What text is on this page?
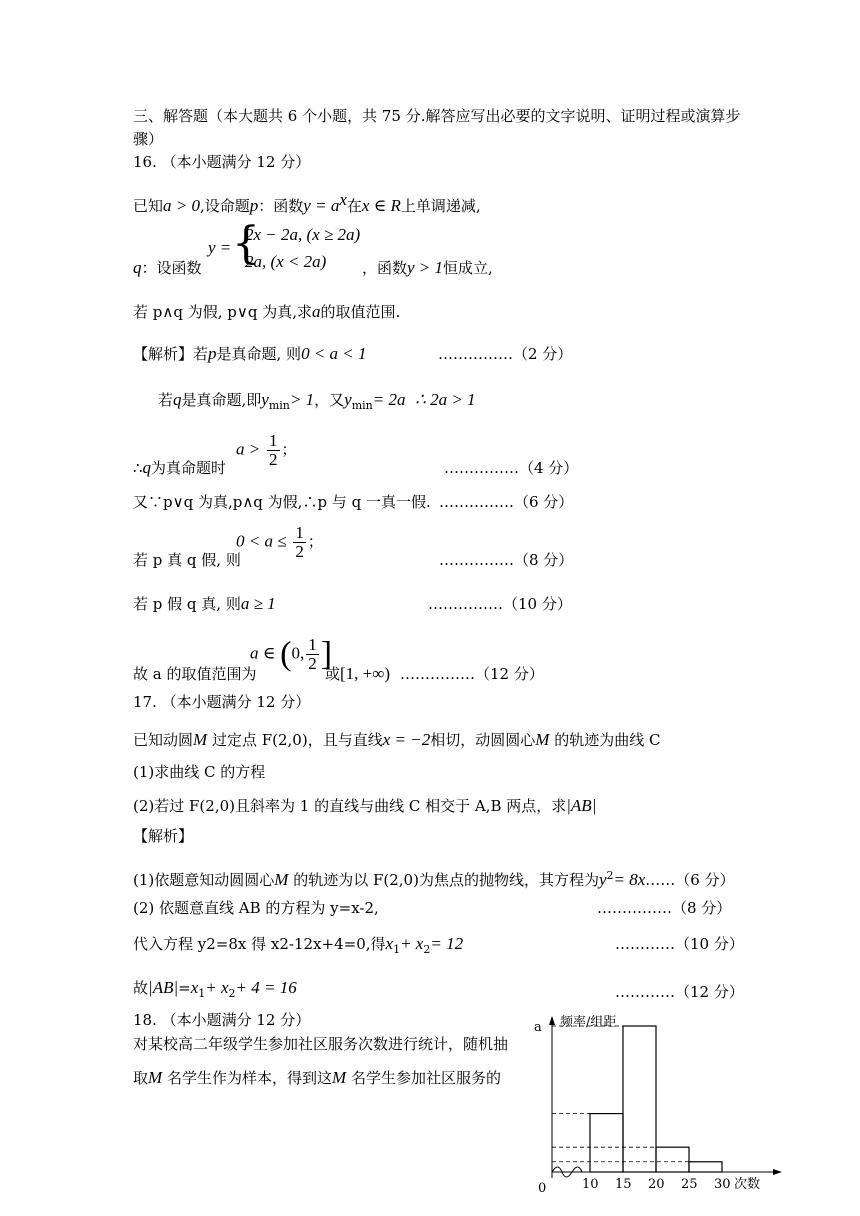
三、解答题（本大题共 6 个小题，共 75 分.解答应写出必要的文字说明、证明过程或演算步
骤）
16. （本小题满分 12 分）
已知a > 0,设命题p：函数$y = a^x$在x ∈ R上单调递减,
q：设函数
y = {
2x − 2a, (x ≥ 2a)
2a, (x < 2a) ，函数y > 1恒成立,
若 p∧q 为假, p∨q 为真,求a的取值范围.
【解析】若p是真命题, 则0 < a < 1	……………（2 分）
若q是真命题,即$y_{min}> 1$，又$y_{min}= 2a$ ∴ 2a > 1
∴q为真命题时
$a > \frac{1}{2}$ ；
……………（4 分）
又∵p∨q 为真,p∧q 为假,∴p 与 q 一真一假. ……………（6 分）
$0 < a \le \frac{1}{2}$ ；
若 p 真 q 假, 则	……………（8 分）
若 p 假 q 真, 则a ≥ 1	……………（10 分）
a ∈ (0, $\frac{1}{2}$ ]
故 a 的取值范围为	或[1, +∞) ……………（12 分）
17. （本小题满分 12 分）
已知动圆M 过定点 F(2,0)，且与直线x = −2相切，动圆圆心M 的轨迹为曲线 C
(1)求曲线 C 的方程
(2)若过 F(2,0)且斜率为 1 的直线与曲线 C 相交于 A,B 两点，求|AB|
【解析】
(1)依题意知动圆圆心M 的轨迹为以 F(2,0)为焦点的抛物线，其方程为$y^2=$ 8x……（6 分）
(2) 依题意直线 AB 的方程为 y=x-2,	……………（8 分）
代入方程 y2=8x 得 x2-12x+4=0,得$x_1+ x_2= 12$	…………（10 分）
故$|AB|=x_1+ x_2+ 4 = 16$	…………（12 分）
18. （本小题满分 12 分）
对某校高二年级学生参加社区服务次数进行统计，随机抽
取M 名学生作为样本，得到这M 名学生参加社区服务的
频率/组距
次数
a
0	10 15 20 25 30
